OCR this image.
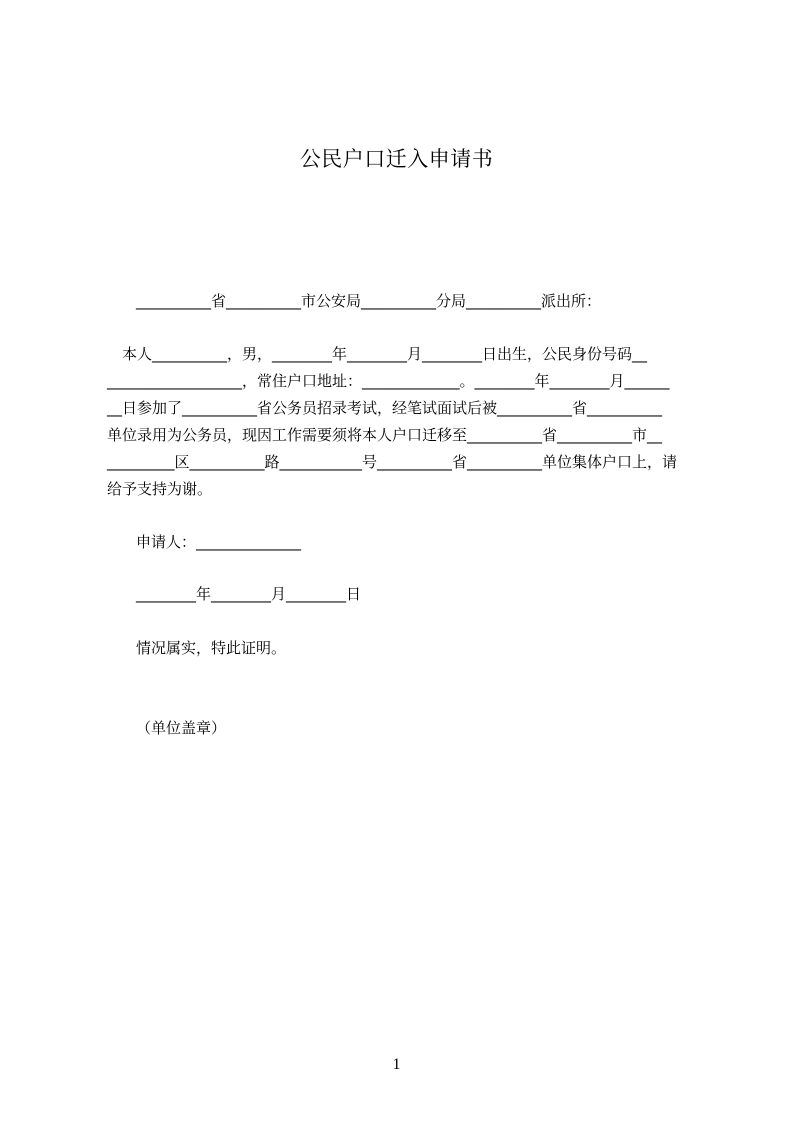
公民户口迁入申请书
__________省__________市公安局__________分局__________派出所：
　本人__________，男，________年________月________日出生，公民身份号码__
__________________，常住户口地址：_____________。________年________月______
__日参加了__________省公务员招录考试，经笔试面试后被__________省__________
单位录用为公务员，现因工作需要须将本人户口迁移至__________省__________市__
_________区__________路___________号__________省__________单位集体户口上，请
给予支持为谢。
申请人：______________
________年________月________日
情况属实，特此证明。
（单位盖章）
1
